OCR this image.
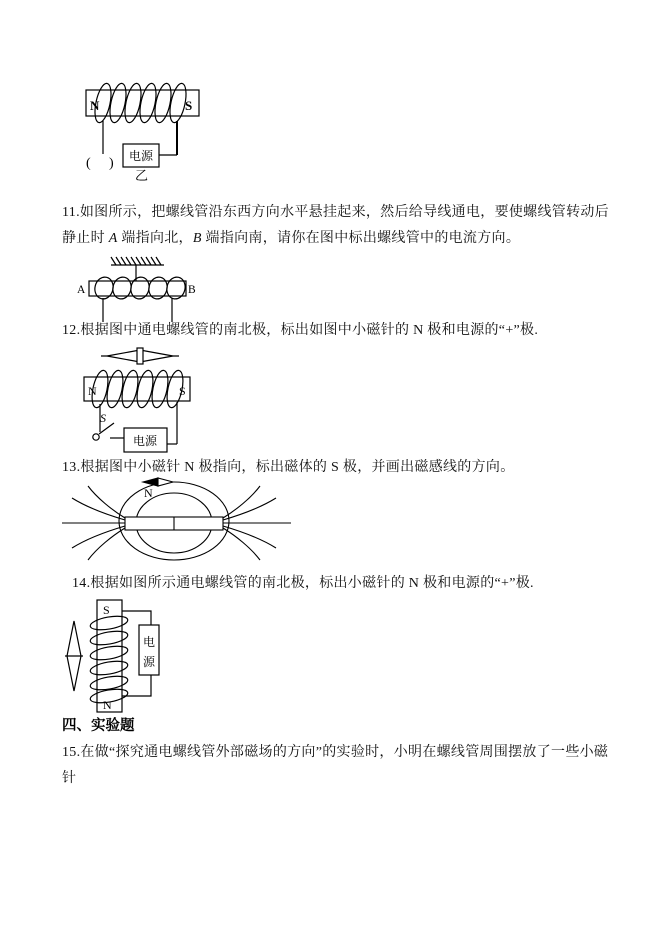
N	S
( ) 电源
乙

11.如图所示，把螺线管沿东西方向水平悬挂起来，然后给导线通电，要使螺线管转动后静止时 A 端指向北，B 端指向南，请你在图中标出螺线管中的电流方向。

A	B

12.根据图中通电螺线管的南北极，标出如图中小磁针的 N 极和电源的“+”极.

N	S
S
电源

13.根据图中小磁针 N 极指向，标出磁体的 S 极，并画出磁感线的方向。

N

14.根据如图所示通电螺线管的南北极，标出小磁针的 N 极和电源的“+”极.

S
N
电
源
四、实验题

15.在做“探究通电螺线管外部磁场的方向”的实验时，小明在螺线管周围摆放了一些小磁针
